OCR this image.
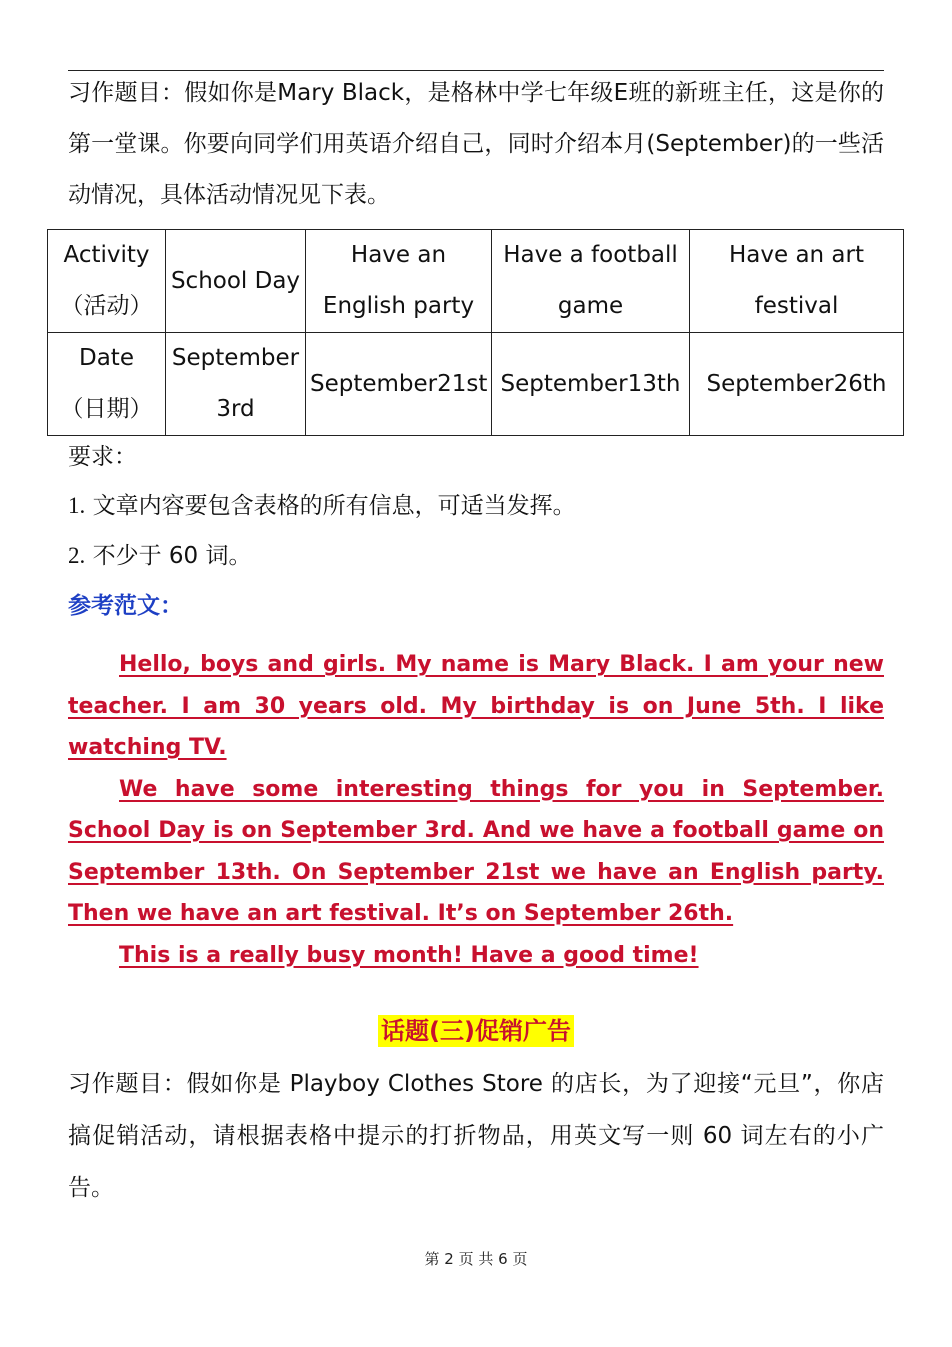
习作题目：假如你是Mary Black，是格林中学七年级E班的新班主任，这是你的第一堂课。你要向同学们用英语介绍自己，同时介绍本月(September)的一些活动情况，具体活动情况见下表。
Activity
（活动）	School Day	Have an English party	Have a football game	Have an art festival

Date
（日期）	September 3rd	September21st	September13th	September26th
要求：
1. 文章内容要包含表格的所有信息，可适当发挥。
2. 不少于 60 词。
参考范文：

Hello, boys and girls. My name is Mary Black. I am your new teacher. I am 30 years old. My birthday is on June 5th. I like watching TV.

We have some interesting things for you in September. School Day is on September 3rd. And we have a football game on September 13th. On September 21st we have an English party. Then we have an art festival. It’s on September 26th.

This is a really busy month! Have a good time!

话题(三)促销广告
习作题目：假如你是 Playboy Clothes Store 的店长，为了迎接“元旦”，你店搞促销活动，请根据表格中提示的打折物品，用英文写一则 60 词左右的小广告。
第 2 页 共 6 页
